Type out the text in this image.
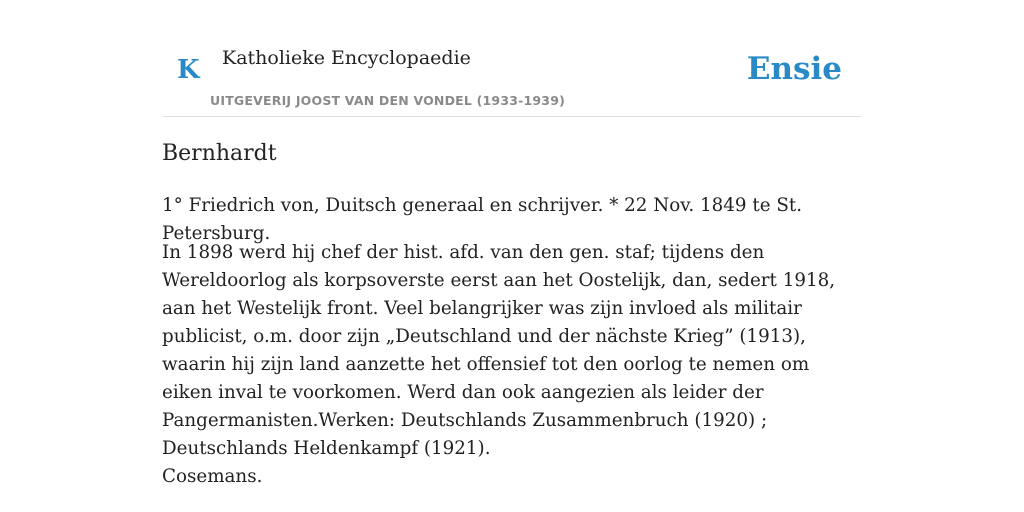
K Katholieke Encyclopaedie
UITGEVERIJ JOOST VAN DEN VONDEL (1933-1939)
Ensie
Bernhardt

1° Friedrich von, Duitsch generaal en schrijver. * 22 Nov. 1849 te St. Petersburg.

In 1898 werd hij chef der hist. afd. van den gen. staf; tijdens den Wereldoorlog als korpsoverste eerst aan het Oostelijk, dan, sedert 1918, aan het Westelijk front. Veel belangrijker was zijn invloed als militair publicist, o.m. door zijn „Deutschland und der nächste Krieg” (1913), waarin hij zijn land aanzette het offensief tot den oorlog te nemen om eiken inval te voorkomen. Werd dan ook aangezien als leider der Pangermanisten.Werken: Deutschlands Zusammenbruch (1920) ; Deutschlands Heldenkampf (1921).

Cosemans.
